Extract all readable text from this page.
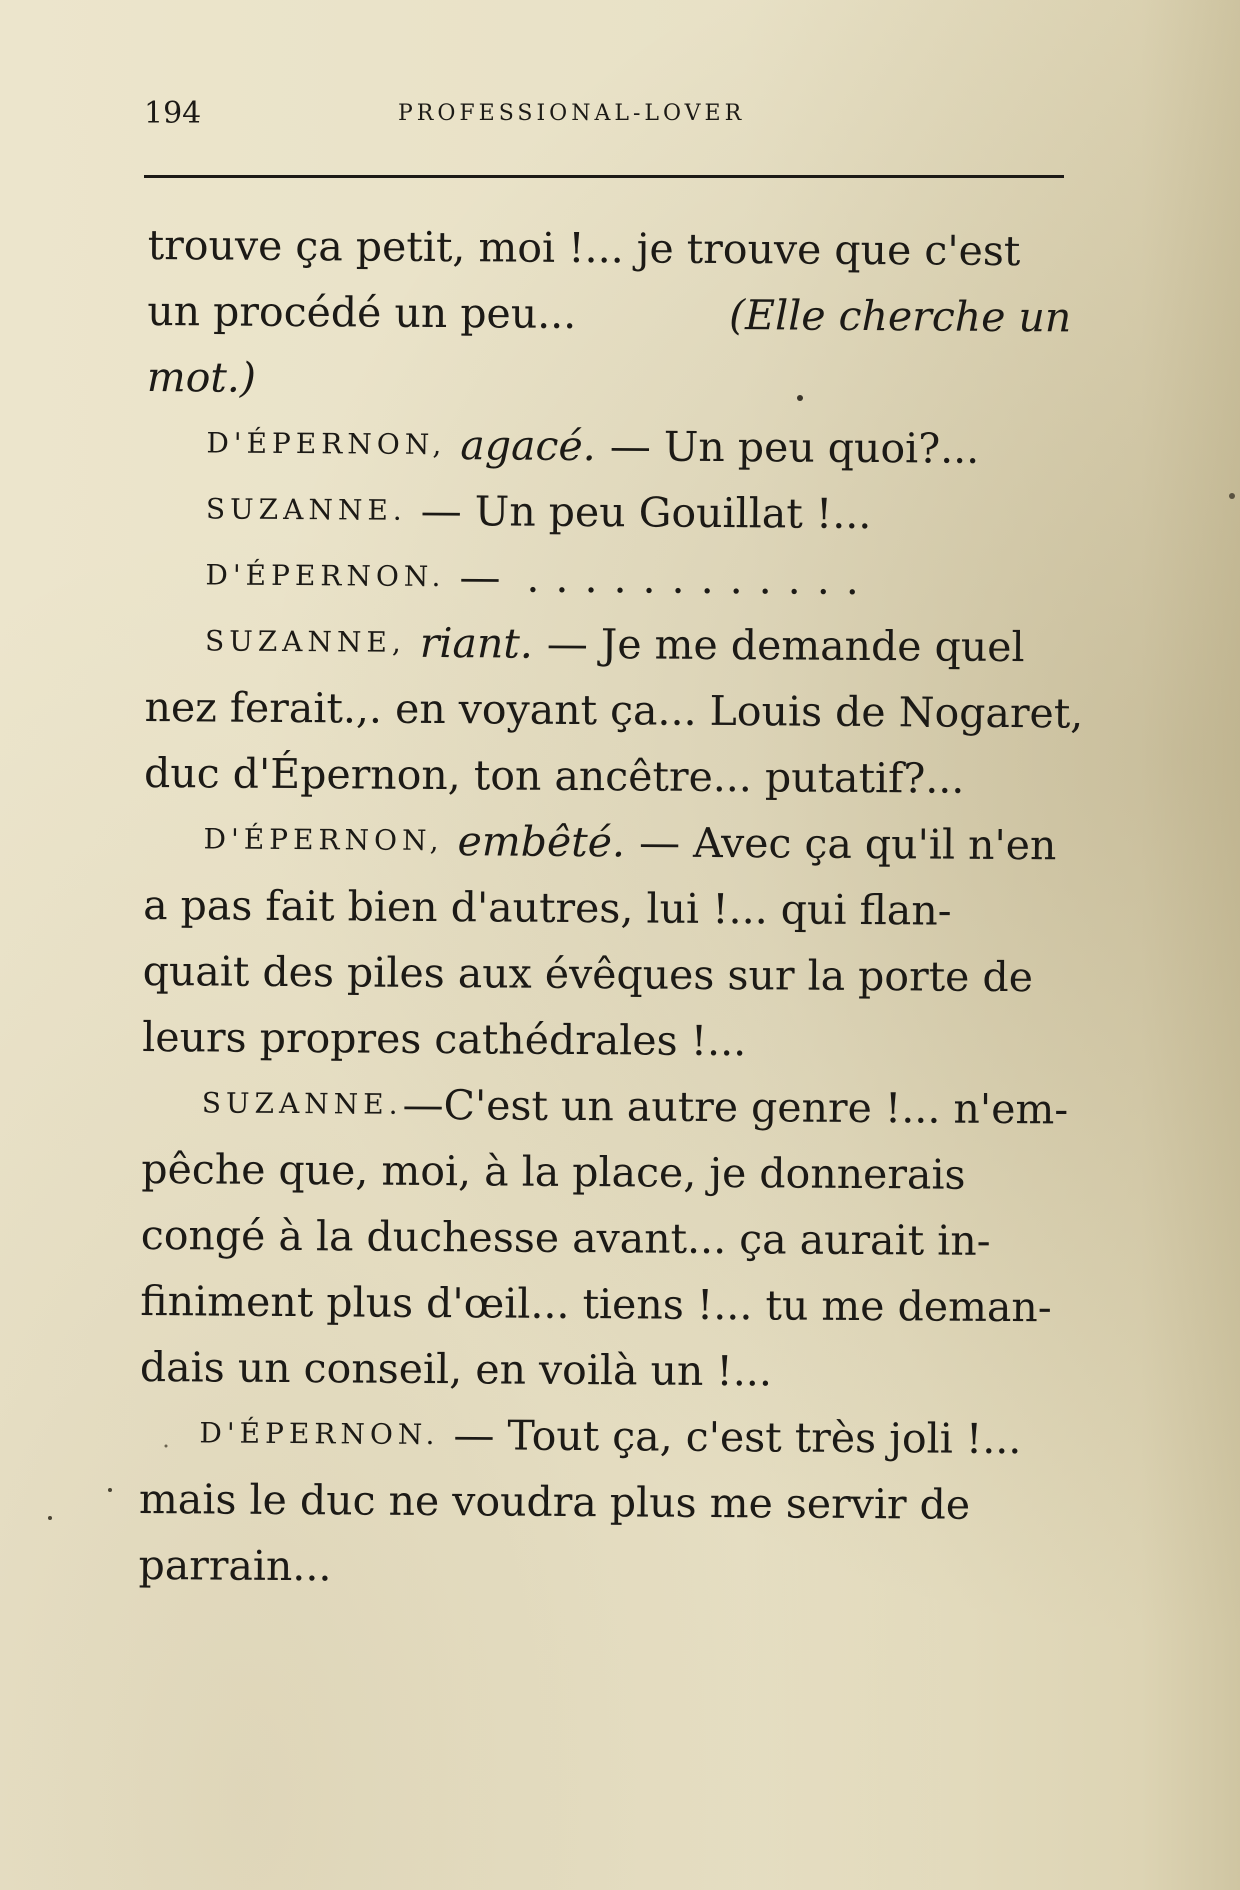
194	PROFESSIONAL-LOVER
trouve ça petit, moi !... je trouve que c'est
un procédé un peu...	(Elle cherche un
mot.)
D'ÉPERNON, agacé. — Un peu quoi?...
SUZANNE. — Un peu Gouillat !...
D'ÉPERNON. — ............
SUZANNE, riant. — Je me demande quel
nez ferait.,. en voyant ça... Louis de Nogaret,
duc d'Épernon, ton ancêtre... putatif?...
D'ÉPERNON, embêté. — Avec ça qu'il n'en
a pas fait bien d'autres, lui !... qui flan-
quait des piles aux évêques sur la porte de
leurs propres cathédrales !...
SUZANNE. —C'est un autre genre !... n'em-
pêche que, moi, à la place, je donnerais
congé à la duchesse avant... ça aurait in-
finiment plus d'œil... tiens !... tu me deman-
dais un conseil, en voilà un !...
D'ÉPERNON. — Tout ça, c'est très joli !...
mais le duc ne voudra plus me servir de
parrain...
